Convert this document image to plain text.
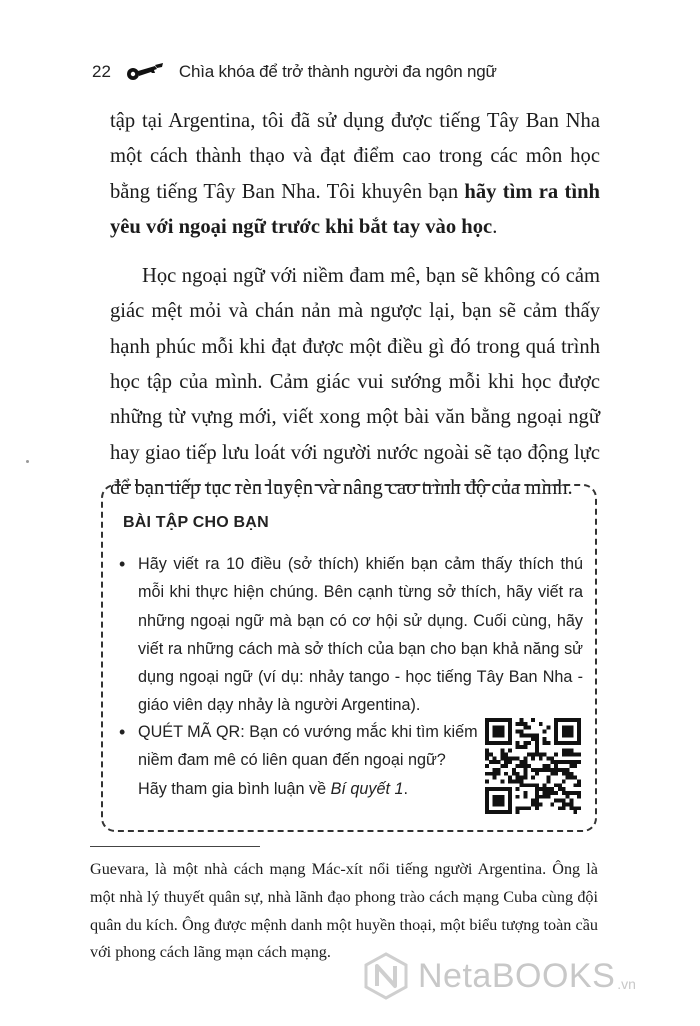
22	Chìa khóa để trở thành người đa ngôn ngữ

tập tại Argentina, tôi đã sử dụng được tiếng Tây Ban Nha một cách thành thạo và đạt điểm cao trong các môn học bằng tiếng Tây Ban Nha. Tôi khuyên bạn hãy tìm ra tình yêu với ngoại ngữ trước khi bắt tay vào học.

Học ngoại ngữ với niềm đam mê, bạn sẽ không có cảm giác mệt mỏi và chán nản mà ngược lại, bạn sẽ cảm thấy hạnh phúc mỗi khi đạt được một điều gì đó trong quá trình học tập của mình. Cảm giác vui sướng mỗi khi học được những từ vựng mới, viết xong một bài văn bằng ngoại ngữ hay giao tiếp lưu loát với người nước ngoài sẽ tạo động lực để bạn tiếp tục rèn luyện và nâng cao trình độ của mình.

BÀI TẬP CHO BẠN
• Hãy viết ra 10 điều (sở thích) khiến bạn cảm thấy thích thú mỗi khi thực hiện chúng. Bên cạnh từng sở thích, hãy viết ra những ngoại ngữ mà bạn có cơ hội sử dụng. Cuối cùng, hãy viết ra những cách mà sở thích của bạn cho bạn khả năng sử dụng ngoại ngữ (ví dụ: nhảy tango - học tiếng Tây Ban Nha - giáo viên dạy nhảy là người Argentina).
• QUÉT MÃ QR: Bạn có vướng mắc khi tìm kiếm niềm đam mê có liên quan đến ngoại ngữ? Hãy tham gia bình luận về Bí quyết 1.
Guevara, là một nhà cách mạng Mác-xít nổi tiếng người Argentina. Ông là một nhà lý thuyết quân sự, nhà lãnh đạo phong trào cách mạng Cuba cùng đội quân du kích. Ông được mệnh danh một huyền thoại, một biểu tượng toàn cầu với phong cách lãng mạn cách mạng.
NetaBOOKS .vn
